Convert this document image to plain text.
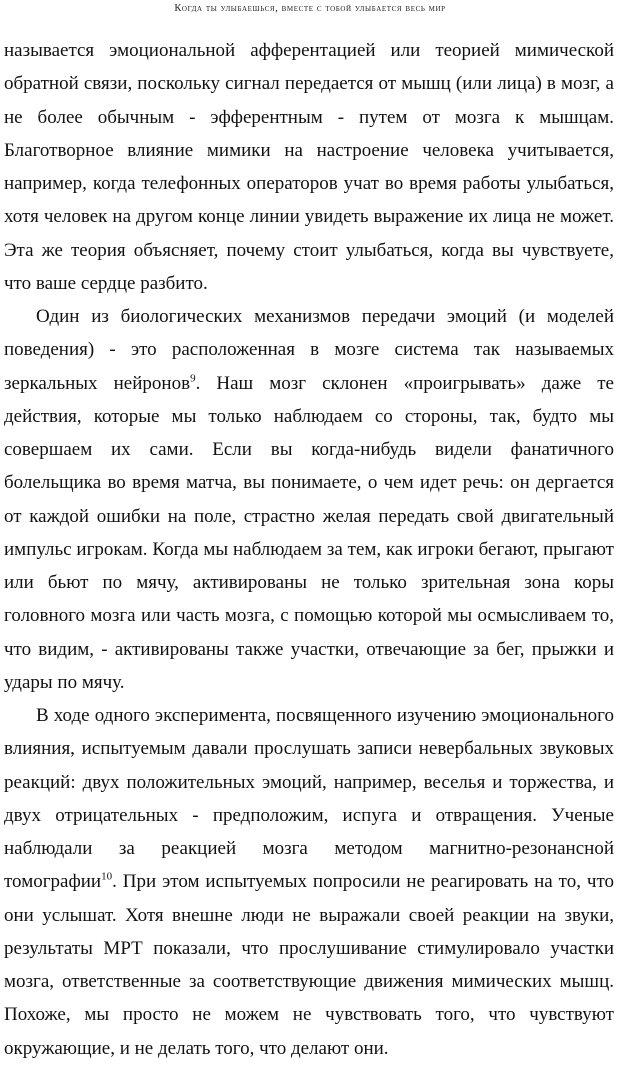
Когда ты улыбаешься, вместе с тобой улыбается весь мир

называется эмоциональной афферентацией или теорией мимической обратной связи, поскольку сигнал передается от мышц (или лица) в мозг, а не более обычным - эфферентным - путем от мозга к мышцам. Благотворное влияние мимики на настроение человека учитывается, например, когда телефонных операторов учат во время работы улыбаться, хотя человек на другом конце линии увидеть выражение их лица не может. Эта же теория объясняет, почему стоит улыбаться, когда вы чувствуете, что ваше сердце разбито.

Один из биологических механизмов передачи эмоций (и моделей поведения) - это расположенная в мозге система так называемых зеркальных нейронов$^9$. Наш мозг склонен «проигрывать» даже те действия, которые мы только наблюдаем со стороны, так, будто мы совершаем их сами. Если вы когда-нибудь видели фанатичного болельщика во время матча, вы понимаете, о чем идет речь: он дергается от каждой ошибки на поле, страстно желая передать свой двигательный импульс игрокам. Когда мы наблюдаем за тем, как игроки бегают, прыгают или бьют по мячу, активированы не только зрительная зона коры головного мозга или часть мозга, с помощью которой мы осмысливаем то, что видим, - активированы также участки, отвечающие за бег, прыжки и удары по мячу.

В ходе одного эксперимента, посвященного изучению эмоционального влияния, испытуемым давали прослушать записи невербальных звуковых реакций: двух положительных эмоций, например, веселья и торжества, и двух отрицательных - предположим, испуга и отвращения. Ученые наблюдали за реакцией мозга методом магнитно-резонансной томографии$^{10}$. При этом испытуемых попросили не реагировать на то, что они услышат. Хотя внешне люди не выражали своей реакции на звуки, результаты МРТ показали, что прослушивание стимулировало участки мозга, ответственные за соответствующие движения мимических мышц. Похоже, мы просто не можем не чувствовать того, что чувствуют окружающие, и не делать того, что делают они.
